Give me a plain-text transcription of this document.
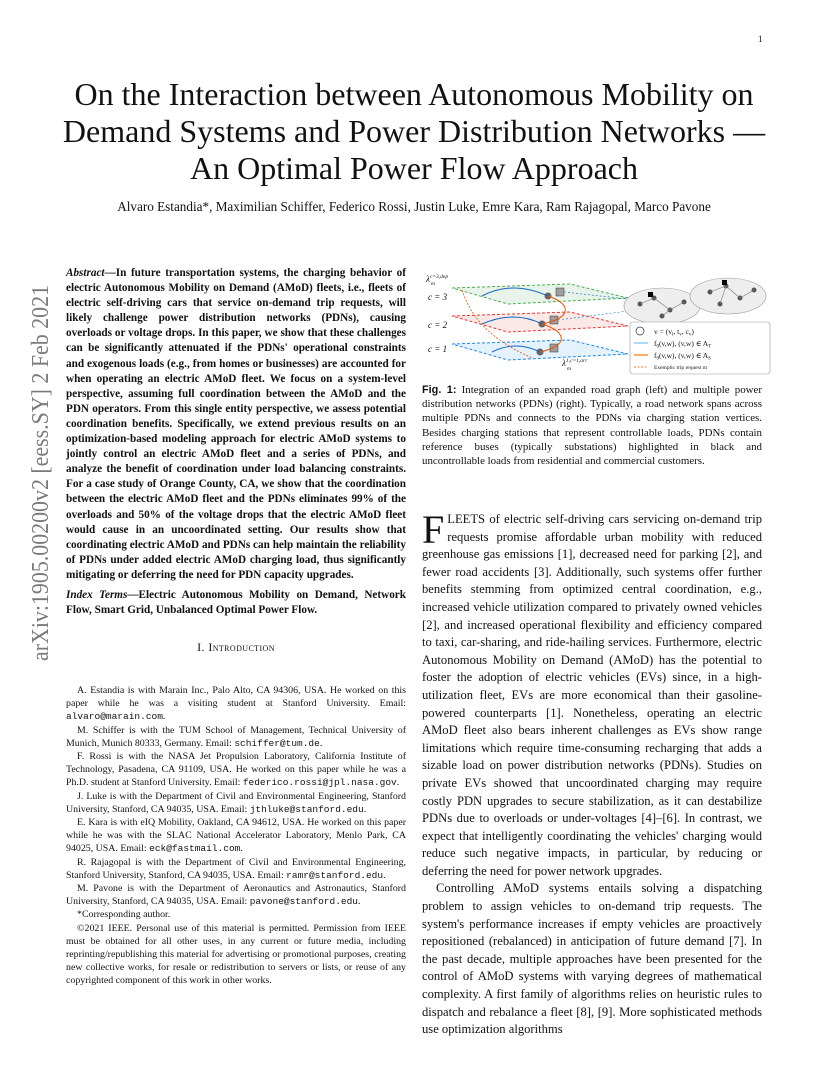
1
arXiv:1905.00200v2 [eess.SY] 2 Feb 2021
On the Interaction between Autonomous Mobility on Demand Systems and Power Distribution Networks — An Optimal Power Flow Approach
Alvaro Estandia*, Maximilian Schiffer, Federico Rossi, Justin Luke, Emre Kara, Ram Rajagopal, Marco Pavone
Abstract—In future transportation systems, the charging behavior of electric Autonomous Mobility on Demand (AMoD) fleets, i.e., fleets of electric self-driving cars that service on-demand trip requests, will likely challenge power distribution networks (PDNs), causing overloads or voltage drops. In this paper, we show that these challenges can be significantly attenuated if the PDNs' operational constraints and exogenous loads (e.g., from homes or businesses) are accounted for when operating an electric AMoD fleet. We focus on a system-level perspective, assuming full coordination between the AMoD and the PDN operators. From this single entity perspective, we assess potential coordination benefits. Specifically, we extend previous results on an optimization-based modeling approach for electric AMoD systems to jointly control an electric AMoD fleet and a series of PDNs, and analyze the benefit of coordination under load balancing constraints. For a case study of Orange County, CA, we show that the coordination between the electric AMoD fleet and the PDNs eliminates 99% of the overloads and 50% of the voltage drops that the electric AMoD fleet would cause in an uncoordinated setting. Our results show that coordinating electric AMoD and PDNs can help maintain the reliability of PDNs under added electric AMoD charging load, thus significantly mitigating or deferring the need for PDN capacity upgrades.
Index Terms—Electric Autonomous Mobility on Demand, Network Flow, Smart Grid, Unbalanced Optimal Power Flow.
I. Introduction

A. Estandia is with Marain Inc., Palo Alto, CA 94306, USA. He worked on this paper while he was a visiting student at Stanford University. Email: alvaro@marain.com.

M. Schiffer is with the TUM School of Management, Technical University of Munich, Munich 80333, Germany. Email: schiffer@tum.de.

F. Rossi is with the NASA Jet Propulsion Laboratory, California Institute of Technology, Pasadena, CA 91109, USA. He worked on this paper while he was a Ph.D. student at Stanford University. Email: federico.rossi@jpl.nasa.gov.

J. Luke is with the Department of Civil and Environmental Engineering, Stanford University, Stanford, CA 94035, USA. Email: jthluke@stanford.edu.

E. Kara is with eIQ Mobility, Oakland, CA 94612, USA. He worked on this paper while he was with the SLAC National Accelerator Laboratory, Menlo Park, CA 94025, USA. Email: eck@fastmail.com.

R. Rajagopal is with the Department of Civil and Environmental Engineering, Stanford University, Stanford, CA 94035, USA. Email: ramr@stanford.edu.

M. Pavone is with the Department of Aeronautics and Astronautics, Stanford University, Stanford, CA 94035, USA. Email: pavone@stanford.edu.

*Corresponding author.

©2021 IEEE. Personal use of this material is permitted. Permission from IEEE must be obtained for all other uses, in any current or future media, including reprinting/republishing this material for advertising or promotional purposes, creating new collective works, for resale or redistribution to servers or lists, or reuse of any copyrighted component of this work in other works.

$v = (v_l$, $t_v$, $c_v$)
$f_0(v,w)$, (v,w) ∈ $A_T$
$f_0(v,w)$, (v,w) ∈ $A_S$
Exemplic trip request m
$\lambda^{c=3,dep}$
m
c = 3
c = 2
c = 1
$\lambda^{1,c=1,arr}$
m
Fig. 1: Integration of an expanded road graph (left) and multiple power distribution networks (PDNs) (right). Typically, a road network spans across multiple PDNs and connects to the PDNs via charging station vertices. Besides charging stations that represent controllable loads, PDNs contain reference buses (typically substations) highlighted in black and uncontrollable loads from residential and commercial customers.

FLEETS of electric self-driving cars servicing on-demand trip requests promise affordable urban mobility with reduced greenhouse gas emissions [1], decreased need for parking [2], and fewer road accidents [3]. Additionally, such systems offer further benefits stemming from optimized central coordination, e.g., increased vehicle utilization compared to privately owned vehicles [2], and increased operational flexibility and efficiency compared to taxi, car-sharing, and ride-hailing services. Furthermore, electric Autonomous Mobility on Demand (AMoD) has the potential to foster the adoption of electric vehicles (EVs) since, in a high-utilization fleet, EVs are more economical than their gasoline-powered counterparts [1]. Nonetheless, operating an electric AMoD fleet also bears inherent challenges as EVs show range limitations which require time-consuming recharging that adds a sizable load on power distribution networks (PDNs). Studies on private EVs showed that uncoordinated charging may require costly PDN upgrades to secure stabilization, as it can destabilize PDNs due to overloads or under-voltages [4]–[6]. In contrast, we expect that intelligently coordinating the vehicles' charging would reduce such negative impacts, in particular, by reducing or deferring the need for power network upgrades.

Controlling AMoD systems entails solving a dispatching problem to assign vehicles to on-demand trip requests. The system's performance increases if empty vehicles are proactively repositioned (rebalanced) in anticipation of future demand [7]. In the past decade, multiple approaches have been presented for the control of AMoD systems with varying degrees of mathematical complexity. A first family of algorithms relies on heuristic rules to dispatch and rebalance a fleet [8], [9]. More sophisticated methods use optimization algorithms
